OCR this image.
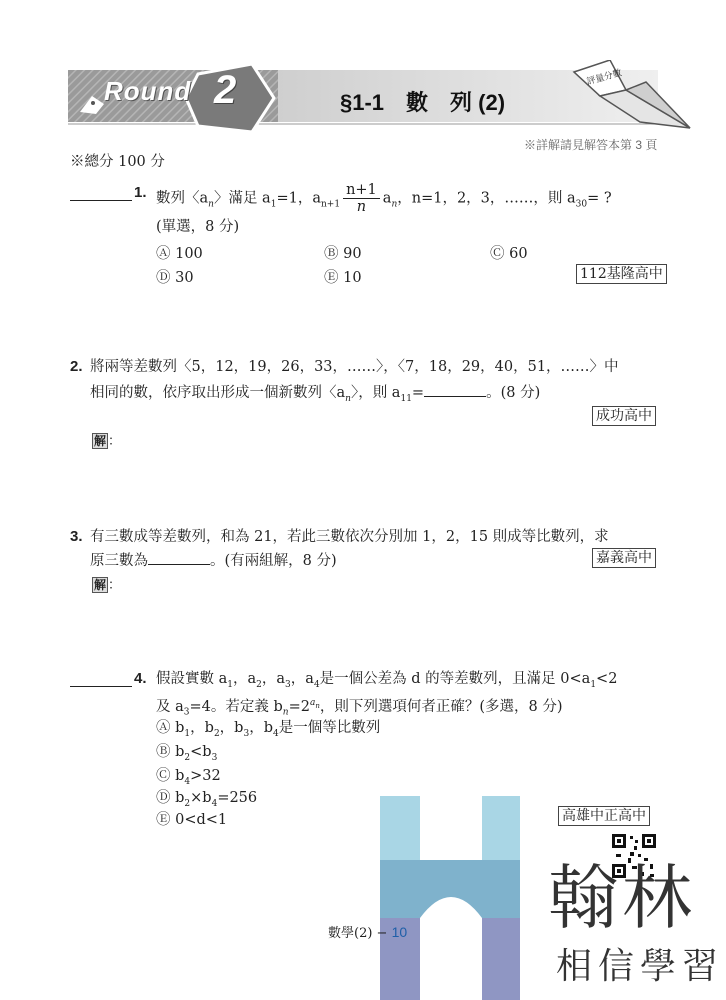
Round 2	§1-1　數　列 (2)
評量分數
※詳解請見解答本第 3 頁
※總分 100 分
1. 數列〈$a_n$〉滿足 $a_1=1$，$a_{n+1} \frac{n+1}{n} a_n$，n=1，2，3，……，則 $a_{30}=$ ?
(單選，8 分)
Ⓐ 100	Ⓑ 90	Ⓒ 60
Ⓓ 30	Ⓔ 10	112基隆高中
2. 將兩等差數列〈5，12，19，26，33，……〉，〈7，18，29，40，51，……〉中
相同的數，依序取出形成一個新數列〈$a_n$〉，則 $a_{11}=$	。(8 分)
成功高中
解 ：
3. 有三數成等差數列，和為 21，若此三數依次分別加 1，2，15 則成等比數列，求
原三數為	。(有兩組解，8 分)	嘉義高中
解 ：
4. 假設實數 $a_1$，$a_2$，$a_3$，$a_4$是一個公差為 d 的等差數列，且滿足 $0<a_1<2$
及 $a_3=4$。若定義 $b_n=2^{a_n}$，則下列選項何者正確？(多選，8 分)
Ⓐ $b_1$，$b_2$，$b_3$，$b_4$是一個等比數列
Ⓑ $b_2<b_3$
Ⓒ $b_4>32$
Ⓓ $b_2\times b_4=256$
Ⓔ 0<d<1
數學(2) − 10
高雄中正高中
翰林
相信學習
